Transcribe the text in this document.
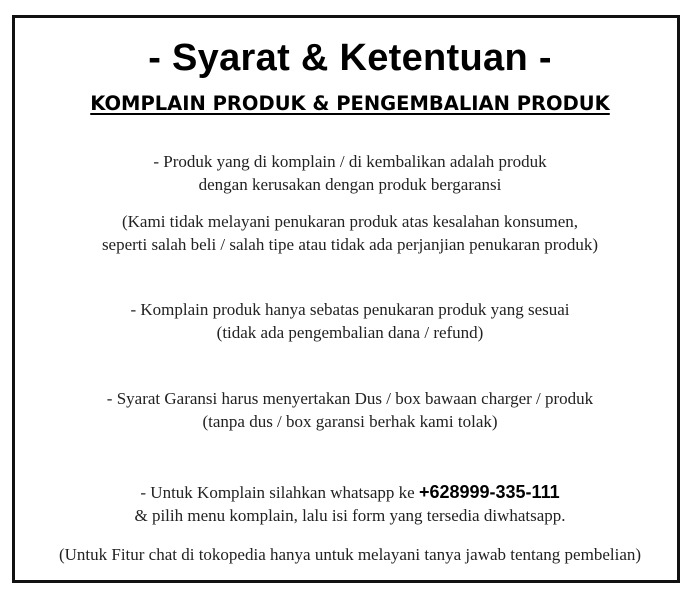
- Syarat & Ketentuan -
KOMPLAIN PRODUK & PENGEMBALIAN PRODUK
- Produk yang di komplain / di kembalikan adalah produk
dengan kerusakan dengan produk bergaransi
(Kami tidak melayani penukaran produk atas kesalahan konsumen,
seperti salah beli / salah tipe atau tidak ada perjanjian penukaran produk)
- Komplain produk hanya sebatas penukaran produk yang sesuai
(tidak ada pengembalian dana / refund)
- Syarat Garansi harus menyertakan Dus / box bawaan charger / produk
(tanpa dus / box garansi berhak kami tolak)
- Untuk Komplain silahkan whatsapp ke +628999-335-111
& pilih menu komplain, lalu isi form yang tersedia diwhatsapp.
(Untuk Fitur chat di tokopedia hanya untuk melayani tanya jawab tentang pembelian)
